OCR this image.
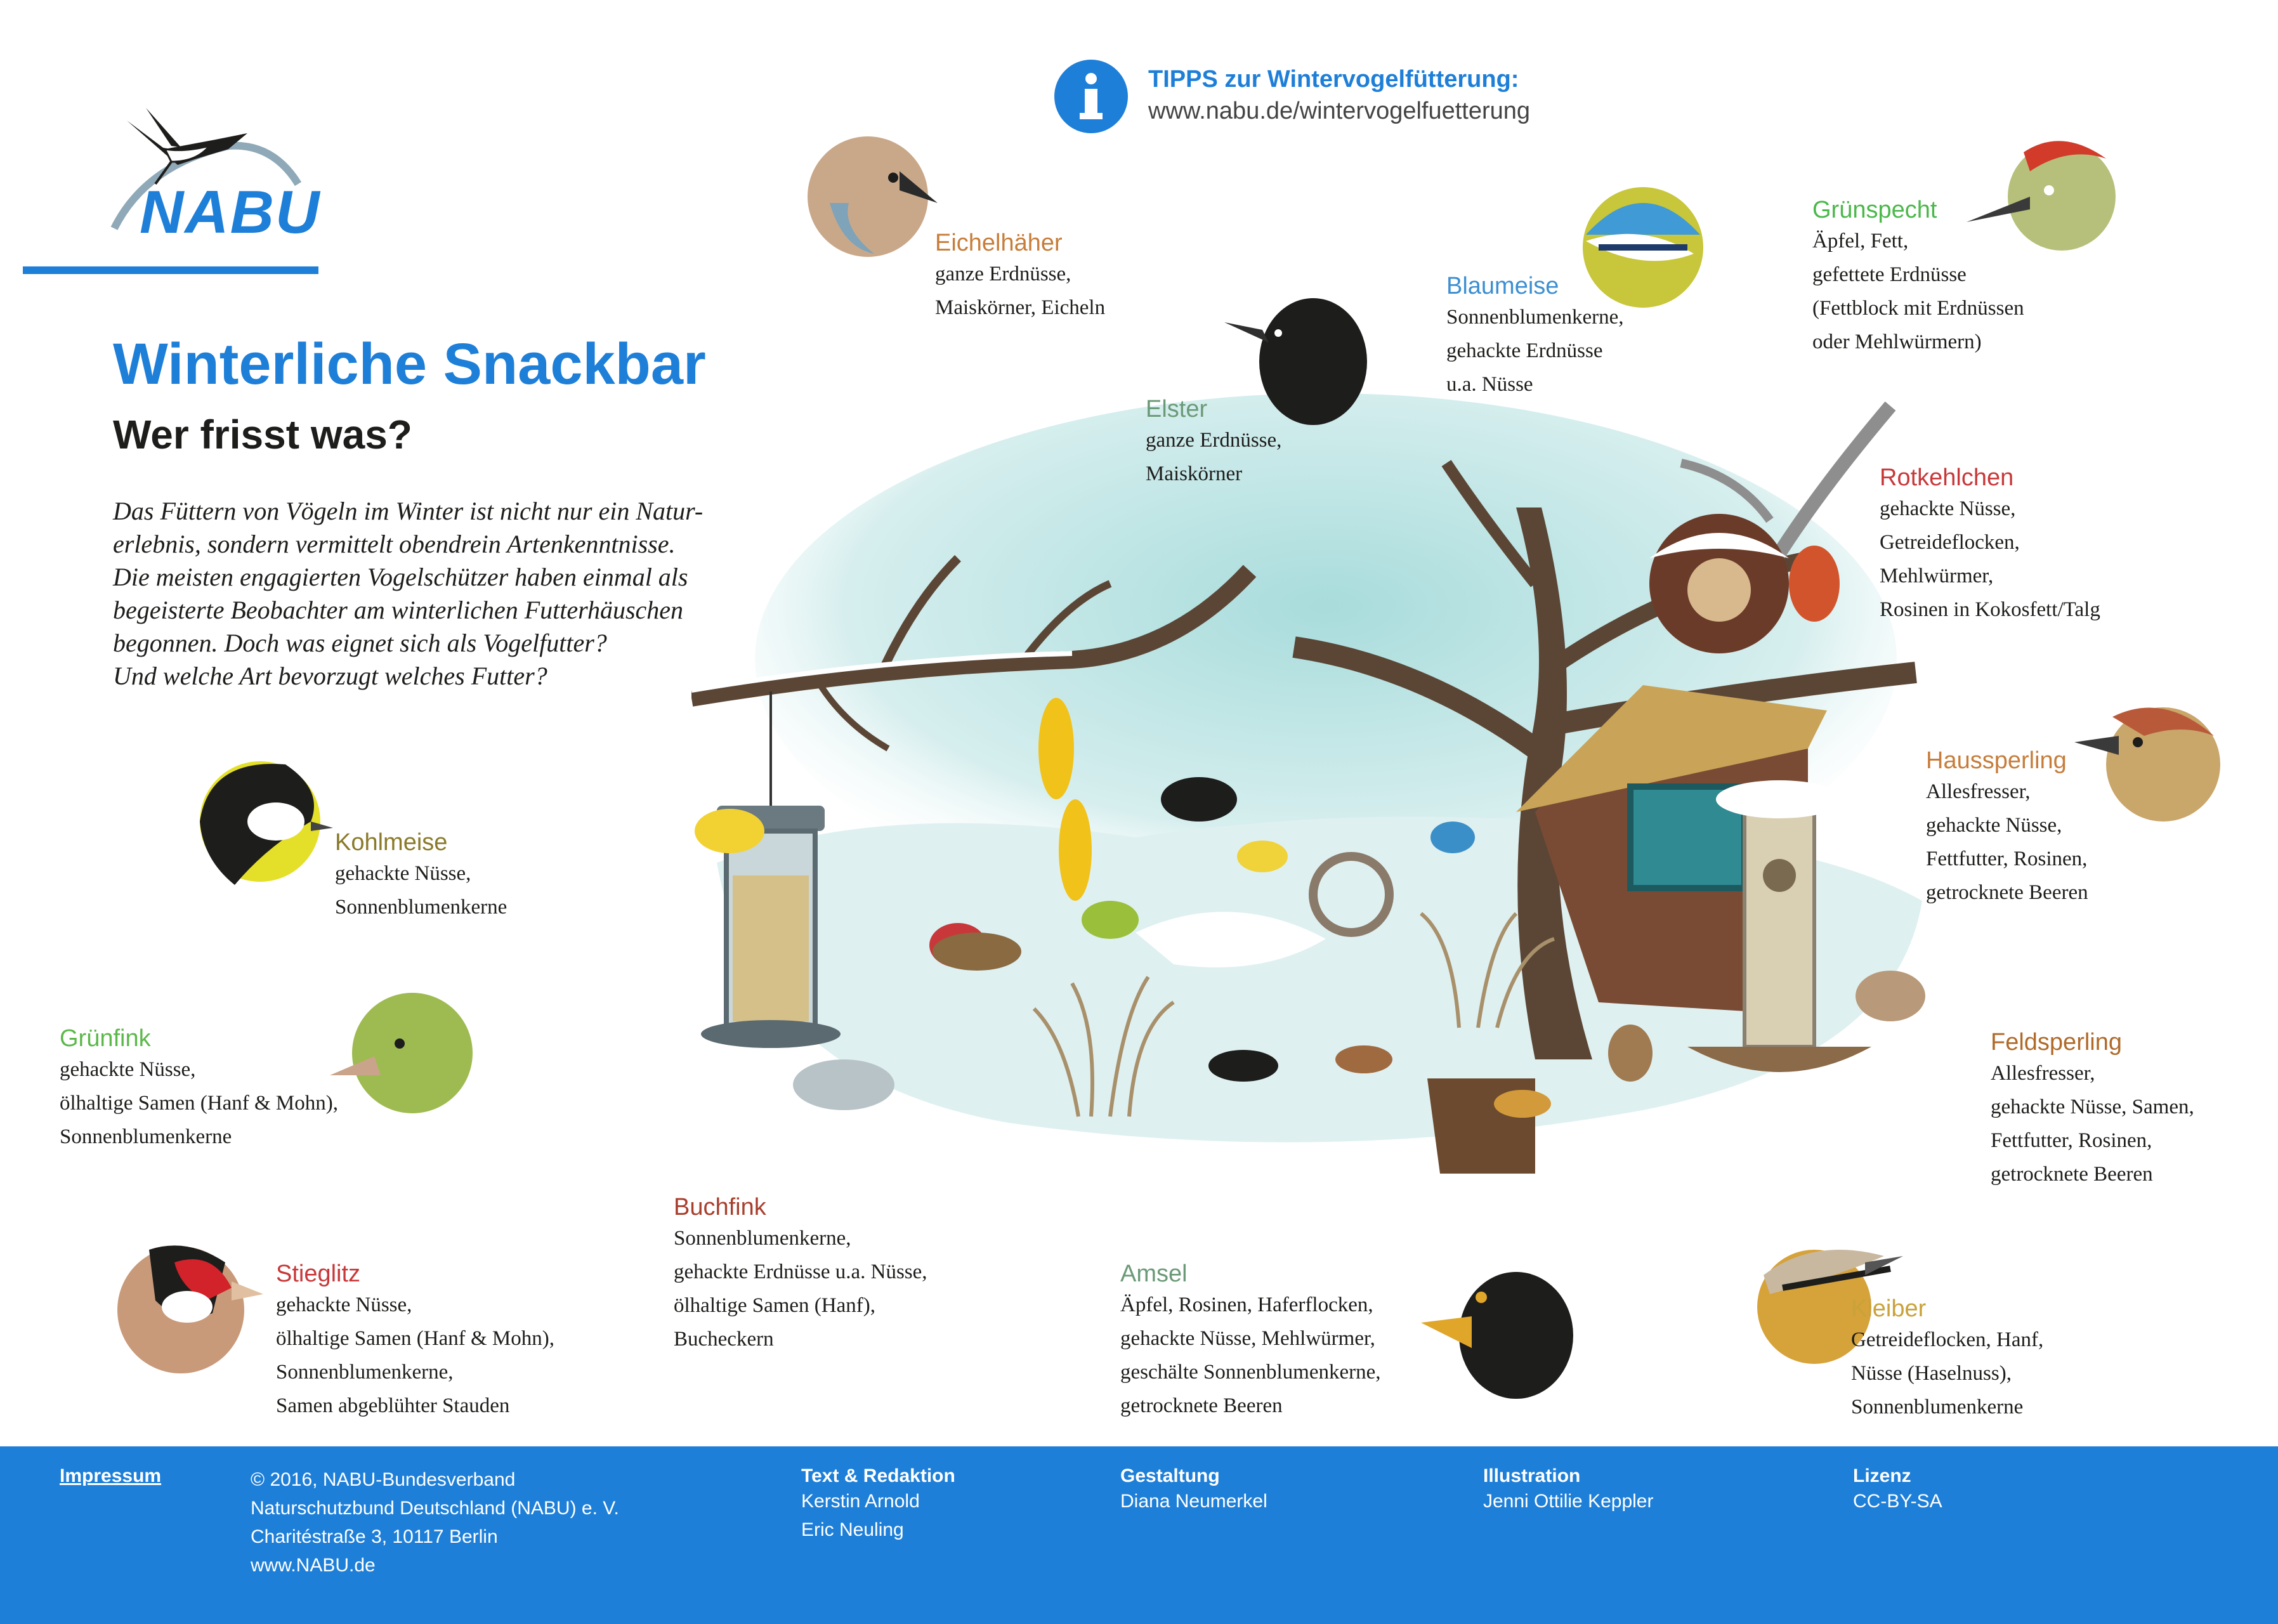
NABU
TIPPS zur Wintervogelfütterung:
www.nabu.de/wintervogelfuetterung
Winterliche Snackbar
Wer frisst was?

Das Füttern von Vögeln im Winter ist nicht nur ein Natur-

erlebnis, sondern vermittelt obendrein Artenkenntnisse.

Die meisten engagierten Vogelschützer haben einmal als

begeisterte Beobachter am winterlichen Futterhäuschen

begonnen. Doch was eignet sich als Vogelfutter?

Und welche Art bevorzugt welches Futter?

Eichelhäher
ganze Erdnüsse,
Maiskörner, Eicheln
Elster
ganze Erdnüsse,
Maiskörner
Blaumeise
Sonnenblumenkerne,
gehackte Erdnüsse
u.a. Nüsse
Grünspecht
Äpfel, Fett,
gefettete Erdnüsse
(Fettblock mit Erdnüssen
oder Mehlwürmern)
Rotkehlchen
gehackte Nüsse,
Getreideflocken,
Mehlwürmer,
Rosinen in Kokosfett/Talg
Haussperling
Allesfresser,
gehackte Nüsse,
Fettfutter, Rosinen,
getrocknete Beeren
Feldsperling
Allesfresser,
gehackte Nüsse, Samen,
Fettfutter, Rosinen,
getrocknete Beeren
Kohlmeise
gehackte Nüsse,
Sonnenblumenkerne
Grünfink
gehackte Nüsse,
ölhaltige Samen (Hanf & Mohn),
Sonnenblumenkerne
Stieglitz
gehackte Nüsse,
ölhaltige Samen (Hanf & Mohn),
Sonnenblumenkerne,
Samen abgeblühter Stauden
Buchfink
Sonnenblumenkerne,
gehackte Erdnüsse u.a. Nüsse,
ölhaltige Samen (Hanf),
Bucheckern
Amsel
Äpfel, Rosinen, Haferflocken,
gehackte Nüsse, Mehlwürmer,
geschälte Sonnenblumenkerne,
getrocknete Beeren
Kleiber
Getreideflocken, Hanf,
Nüsse (Haselnuss),
Sonnenblumenkerne
Impressum	© 2016, NABU-Bundesverband
Naturschutzbund Deutschland (NABU) e. V.
Charitéstraße 3, 10117 Berlin
www.NABU.de
Text & Redaktion
Kerstin Arnold
Eric Neuling
Gestaltung
Diana Neumerkel
Illustration
Jenni Ottilie Keppler
Lizenz
CC-BY-SA
